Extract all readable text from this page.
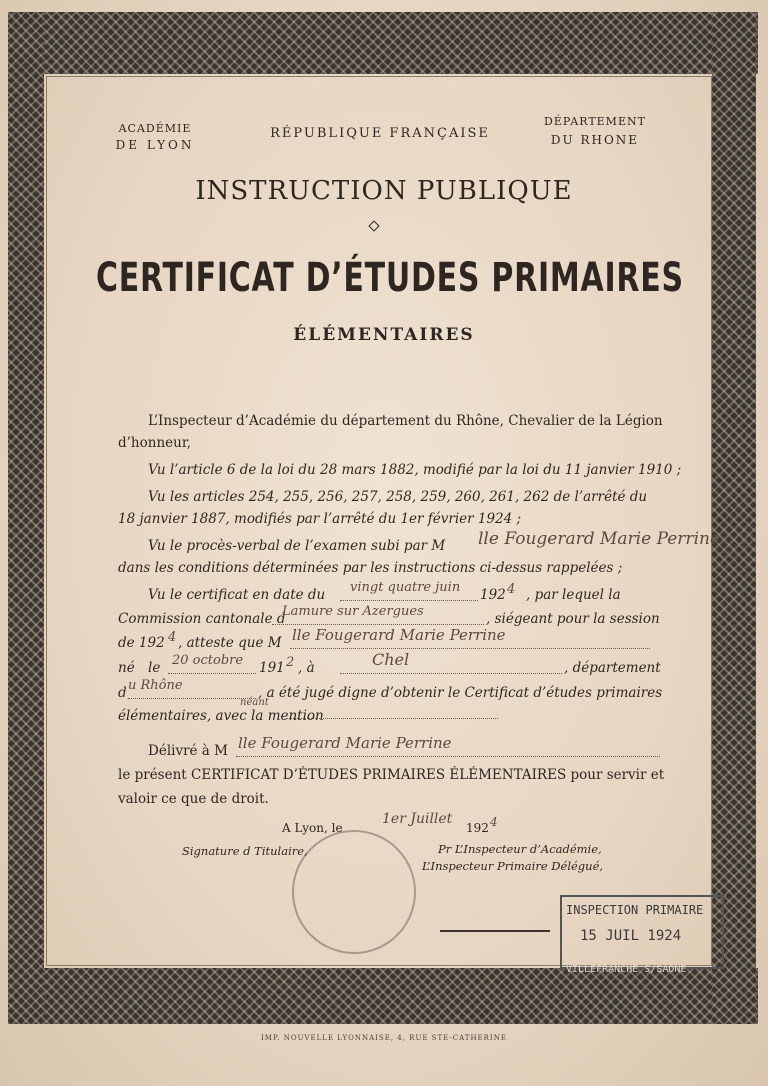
ACADÉMIE
DE LYON
RÉPUBLIQUE FRANÇAISE
DÉPARTEMENT
DU RHONE
INSTRUCTION PUBLIQUE
CERTIFICAT D’ÉTUDES PRIMAIRES
ÉLÉMENTAIRES
L’Inspecteur d’Académie du département du Rhône, Chevalier de la Légion
d’honneur,
Vu l’article 6 de la loi du 28 mars 1882, modifié par la loi du 11 janvier 1910 ;
Vu les articles 254, 255, 256, 257, 258, 259, 260, 261, 262 de l’arrêté du
18 janvier 1887, modifiés par l’arrêté du 1er février 1924 ;
Vu le procès-verbal de l’examen subi par M lle Fougerard Marie Perrine
dans les conditions déterminées par les instructions ci-dessus rappelées ;
Vu le certificat en date du vingt quatre juin 192 4 , par lequel la
Commission cantonale d
Lamure sur Azergues	, siégeant pour la session
de 192 4 , atteste que M lle Fougerard Marie Perrine
né le 20 octobre 191 2 , à	Chel	, département
d u Rhône	, a été jugé digne d’obtenir le Certificat d’études primaires
élémentaires, avec la mention
néant
Délivré à M lle Fougerard Marie Perrine
le présent CERTIFICAT D’ÉTUDES PRIMAIRES ÉLÉMENTAIRES pour servir et
valoir ce que de droit.
A Lyon, le
1er Juillet
192 4
Signature d Titulaire,	Pr L’Inspecteur d’Académie,
L’Inspecteur Primaire Délégué,
INSPECTION PRIMAIRE
15 JUIL 1924
VILLEFRANCHE S/SAÔNE
IMP. NOUVELLE LYONNAISE, 4, RUE STE-CATHERINE
